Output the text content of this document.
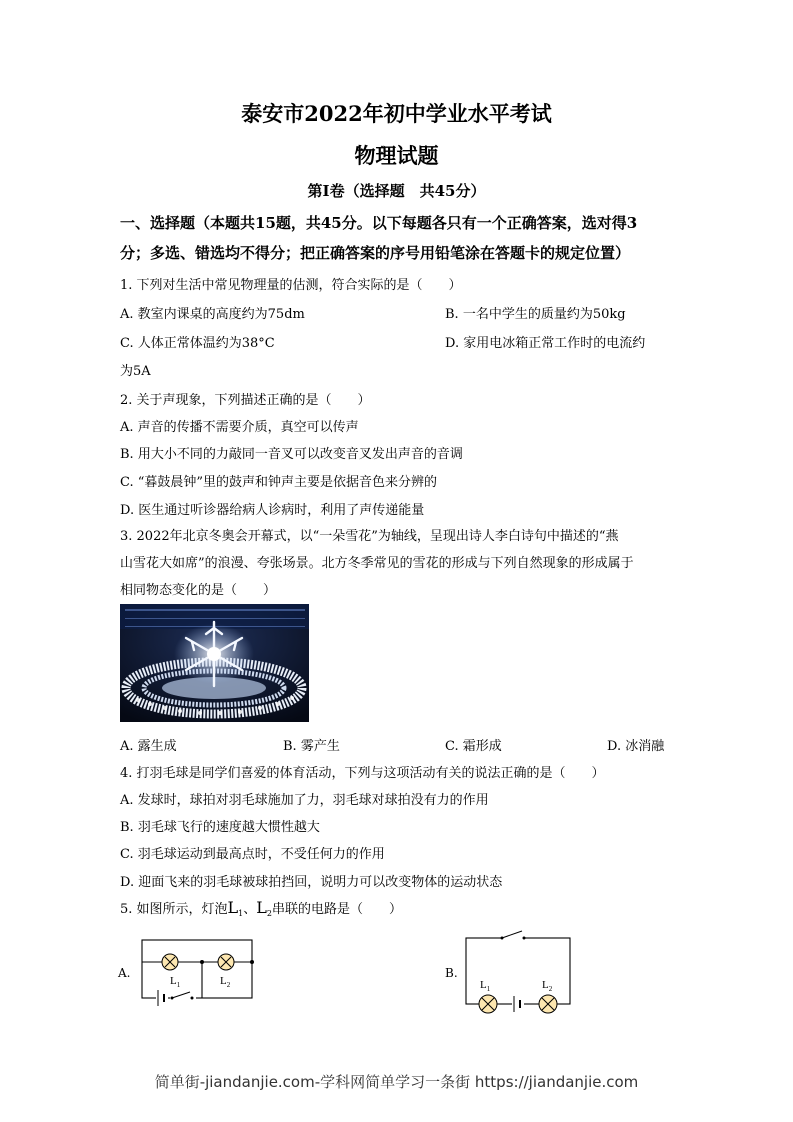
泰安市2022年初中学业水平考试
物理试题
第Ⅰ卷（选择题　共45分）
一、选择题（本题共15题，共45分。以下每题各只有一个正确答案，选对得3
分；多选、错选均不得分；把正确答案的序号用铅笔涂在答题卡的规定位置）
1. 下列对生活中常见物理量的估测，符合实际的是（　　）
A. 教室内课桌的高度约为75dm	B. 一名中学生的质量约为50kg
C. 人体正常体温约为38°C	D. 家用电冰箱正常工作时的电流约
为5A
2. 关于声现象，下列描述正确的是（　　）
A. 声音的传播不需要介质，真空可以传声
B. 用大小不同的力敲同一音叉可以改变音叉发出声音的音调
C. “暮鼓晨钟”里的鼓声和钟声主要是依据音色来分辨的
D. 医生通过听诊器给病人诊病时，利用了声传递能量
3. 2022年北京冬奥会开幕式，以“一朵雪花”为轴线，呈现出诗人李白诗句中描述的“燕
山雪花大如席”的浪漫、夸张场景。北方冬季常见的雪花的形成与下列自然现象的形成属于
相同物态变化的是（　　）
A. 露生成	B. 雾产生	C. 霜形成	D. 冰消融
4. 打羽毛球是同学们喜爱的体育活动，下列与这项活动有关的说法正确的是（　　）
A. 发球时，球拍对羽毛球施加了力，羽毛球对球拍没有力的作用
B. 羽毛球飞行的速度越大惯性越大
C. 羽毛球运动到最高点时，不受任何力的作用
D. 迎面飞来的羽毛球被球拍挡回，说明力可以改变物体的运动状态
5. 如图所示，灯泡$L_1$、$L_2$串联的电路是（　　）
A.
$L_1$	$L_2$
B.
$L_1$	$L_2$
简单街-jiandanjie.com-学科网简单学习一条街 https://jiandanjie.com
